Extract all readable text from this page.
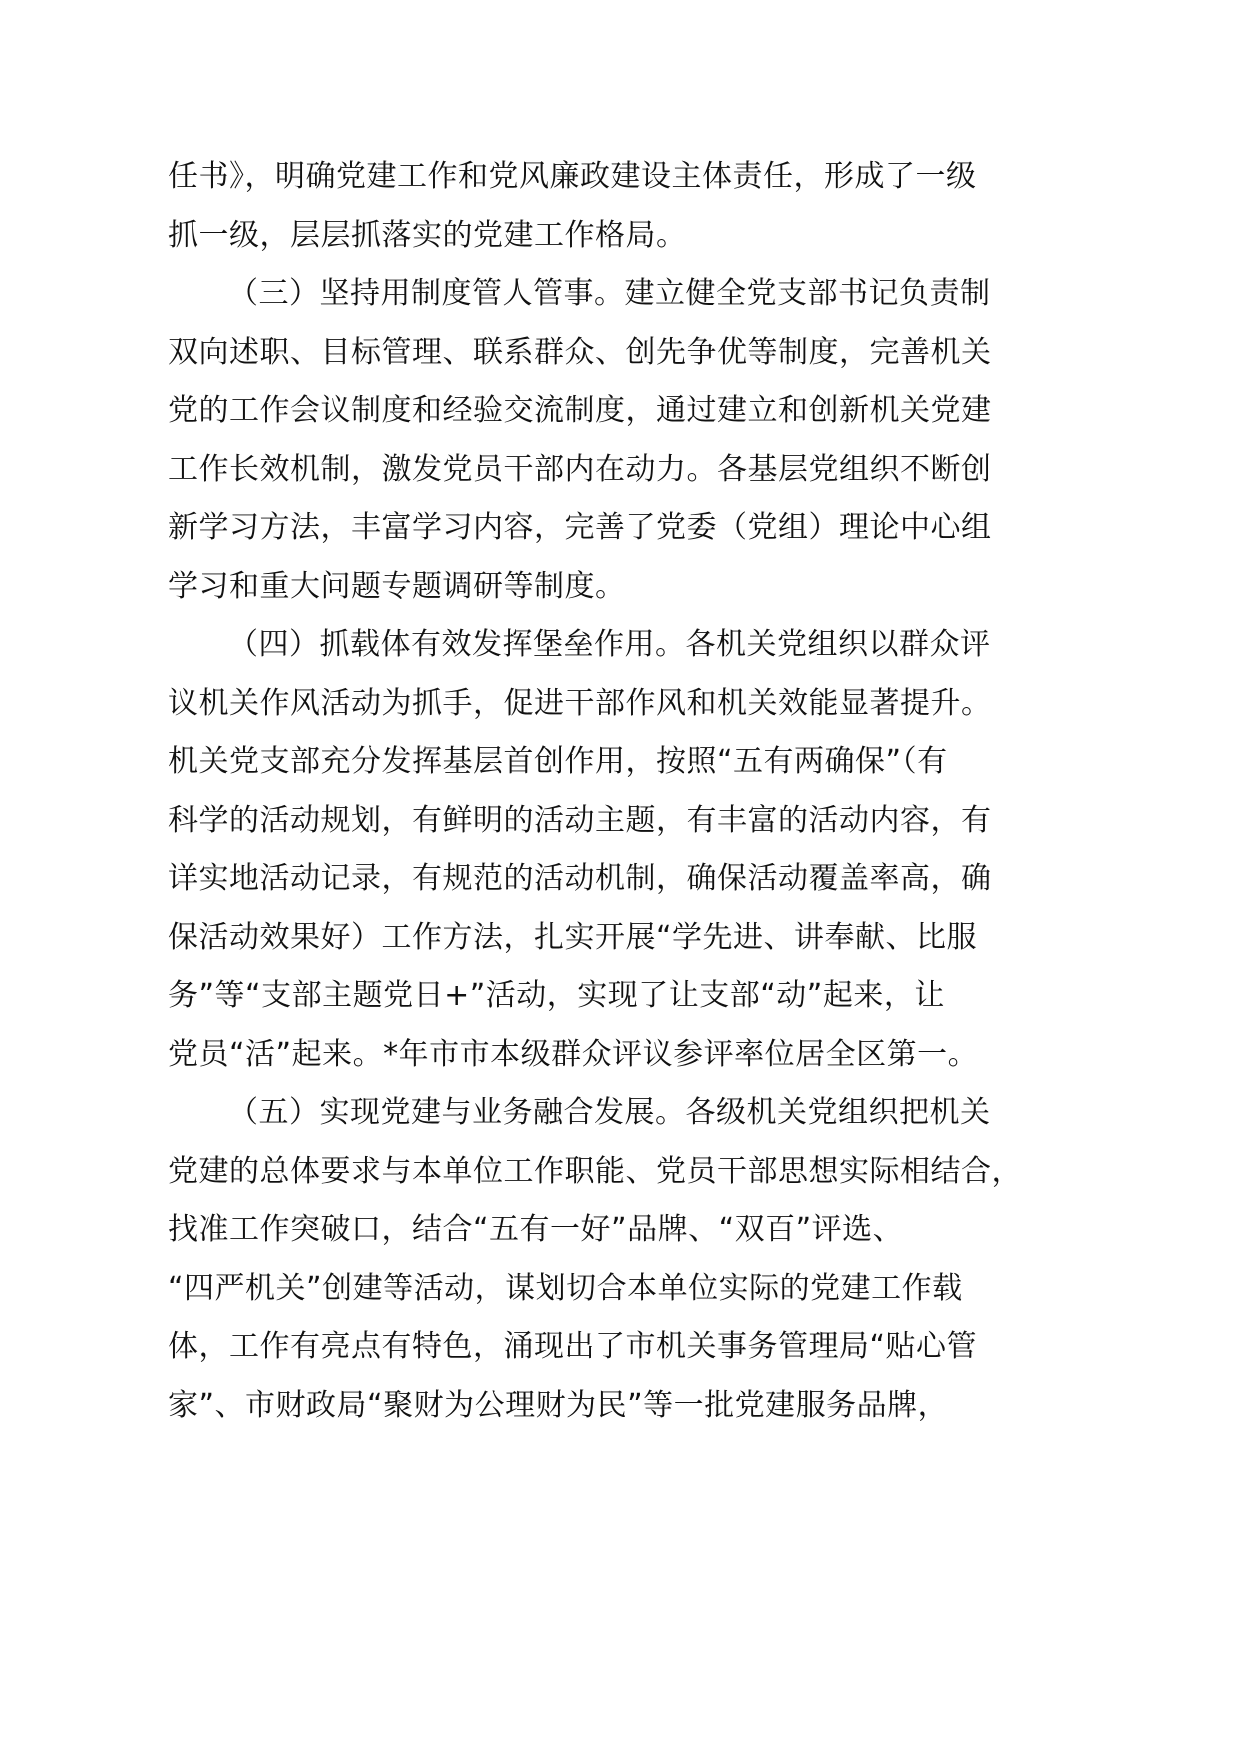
任书》，明确党建工作和党风廉政建设主体责任，形成了一级
抓一级，层层抓落实的党建工作格局。
（三）坚持用制度管人管事。建立健全党支部书记负责制
双向述职、目标管理、联系群众、创先争优等制度，完善机关
党的工作会议制度和经验交流制度，通过建立和创新机关党建
工作长效机制，激发党员干部内在动力。各基层党组织不断创
新学习方法，丰富学习内容，完善了党委（党组）理论中心组
学习和重大问题专题调研等制度。
（四）抓载体有效发挥堡垒作用。各机关党组织以群众评
议机关作风活动为抓手，促进干部作风和机关效能显著提升。
机关党支部充分发挥基层首创作用，按照“五有两确保”（有
科学的活动规划，有鲜明的活动主题，有丰富的活动内容，有
详实地活动记录，有规范的活动机制，确保活动覆盖率高，确
保活动效果好）工作方法，扎实开展“学先进、讲奉献、比服
务”等“支部主题党日+”活动，实现了让支部“动”起来，让
党员“活”起来。*年市市本级群众评议参评率位居全区第一。
（五）实现党建与业务融合发展。各级机关党组织把机关
党建的总体要求与本单位工作职能、党员干部思想实际相结合，
找准工作突破口，结合“五有一好”品牌、“双百”评选、
“四严机关”创建等活动，谋划切合本单位实际的党建工作载
体，工作有亮点有特色，涌现出了市机关事务管理局“贴心管
家”、市财政局“聚财为公理财为民”等一批党建服务品牌，
